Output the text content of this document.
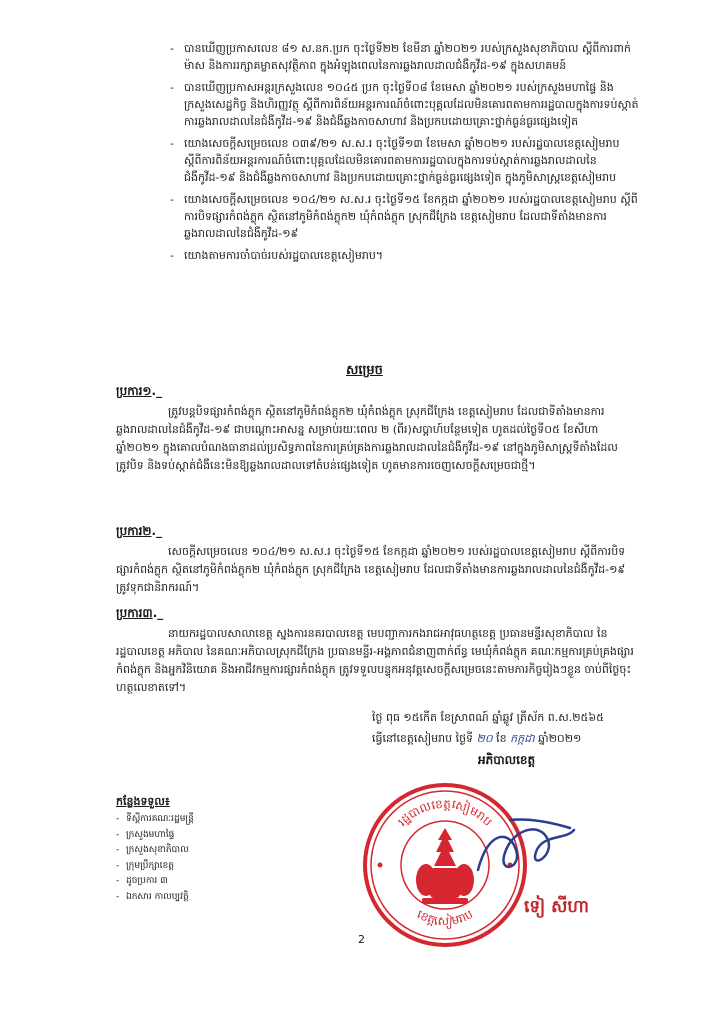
- បានឃើញប្រកាសលេខ ៨១ ស.នក.ប្រក ចុះថ្ងៃទី២២ ខែមីនា ឆ្នាំ២០២១ របស់ក្រសួងសុខាភិបាល ស្តីពីការពាក់ម៉ាស និងការរក្សាគម្លាតសុវត្ថិភាព ក្នុងអំឡុងពេលនៃការឆ្លងរាលដាលជំងឺកូវីដ-១៩ ក្នុងសហគមន៍
- បានឃើញប្រកាសអន្តរក្រសួងលេខ ១០៤៥ ប្រក ចុះថ្ងៃទី០៨ ខែមេសា ឆ្នាំ២០២១ របស់ក្រសួងមហាផ្ទៃ និងក្រសួងសេដ្ឋកិច្ច និងហិរញ្ញវត្ថុ ស្តីពីការពិន័យអន្តរការណ៍ចំពោះបុគ្គលដែលមិនគោរពតាមការរដ្ឋបាលក្នុងការទប់ស្កាត់ការឆ្លងរាលដាលនៃជំងឺកូវីដ-១៩ និងជំងឺឆ្លងកាចសាហាវ និងប្រកបដោយគ្រោះថ្នាក់ធ្ងន់ធ្ងរផ្សេងទៀត
- យោងសេចក្តីសម្រេចលេខ ០៣៩/២១ ស.ស.រ ចុះថ្ងៃទី១៣ ខែមេសា ឆ្នាំ២០២១ របស់រដ្ឋបាលខេត្តសៀមរាប ស្តីពីការពិន័យអន្តរការណ៍ចំពោះបុគ្គលដែលមិនគោរពតាមការរដ្ឋបាលក្នុងការទប់ស្កាត់ការឆ្លងរាលដាលនៃជំងឺកូវីដ-១៩ និងជំងឺឆ្លងកាចសាហាវ និងប្រកបដោយគ្រោះថ្នាក់ធ្ងន់ធ្ងរផ្សេងទៀត ក្នុងភូមិសាស្ត្រខេត្តសៀមរាប
- យោងសេចក្តីសម្រេចលេខ ១០៤/២១ ស.ស.រ ចុះថ្ងៃទី១៥ ខែកក្កដា ឆ្នាំ២០២១ របស់រដ្ឋបាលខេត្តសៀមរាប ស្តីពីការបិទផ្សារកំពង់ភ្លុក ស្ថិតនៅភូមិកំពង់ភ្លុក២ ឃុំកំពង់ភ្លុក ស្រុកជីក្រែង ខេត្តសៀមរាប ដែលជាទីតាំងមានការឆ្លងរាលដាលនៃជំងឺកូវីដ-១៩
- យោងតាមការចាំបាច់របស់រដ្ឋបាលខេត្តសៀមរាប។
សម្រេច
ប្រការ១._

ត្រូវបន្តបិទផ្សារកំពង់ភ្លុក ស្ថិតនៅភូមិកំពង់ភ្លុក២ ឃុំកំពង់ភ្លុក ស្រុកជីក្រែង ខេត្តសៀមរាប ដែលជាទីតាំងមានការឆ្លងរាលដាលនៃជំងឺកូវីដ-១៩ ជាបណ្ដោះអាសន្ន សម្រាប់រយៈពេល ២ (ពីរ)សប្តាហ៍បន្ថែមទៀត ហូតដល់ថ្ងៃទី០៥ ខែសីហា ឆ្នាំ២០២១ ក្នុងគោលបំណងធានាដល់ប្រសិទ្ធភាពនៃការគ្រប់គ្រងការឆ្លងរាលដាលនៃជំងឺកូវីដ-១៩ នៅក្នុងភូមិសាស្ត្រទីតាំងដែលត្រូវបិទ និងទប់ស្កាត់ជំងឺនេះមិនឱ្យឆ្លងរាលដាលទៅតំបន់ផ្សេងទៀត ហូតមានការចេញសេចក្តីសម្រេចជាថ្មី។

ប្រការ២._

សេចក្តីសម្រេចលេខ ១០៤/២១ ស.ស.រ ចុះថ្ងៃទី១៥ ខែកក្កដា ឆ្នាំ២០២១ របស់រដ្ឋបាលខេត្តសៀមរាប ស្តីពីការបិទផ្សារកំពង់ភ្លុក ស្ថិតនៅភូមិកំពង់ភ្លុក២ ឃុំកំពង់ភ្លុក ស្រុកជីក្រែង ខេត្តសៀមរាប ដែលជាទីតាំងមានការឆ្លងរាលដាលនៃជំងឺកូវីដ-១៩ ត្រូវទុកជានិរាករណ៍។

ប្រការ៣._

នាយករដ្ឋបាលសាលាខេត្ត ស្នងការនគរបាលខេត្ត មេបញ្ជាការកងរាជអាវុធហត្ថខេត្ត ប្រធានមន្ទីរសុខាភិបាល នៃរដ្ឋបាលខេត្ត អភិបាល នៃគណៈអភិបាលស្រុកជីក្រែង ប្រធានមន្ទីរ-អង្គភាពជំនាញពាក់ព័ន្ធ មេឃុំកំពង់ភ្លុក គណៈកម្មការគ្រប់គ្រងផ្សារកំពង់ភ្លុក និងអ្នកវិនិយោគ និងអាជីវកម្មការផ្សារកំពង់ភ្លុក ត្រូវទទួលបន្ទុកអនុវត្តសេចក្តីសម្រេចនេះតាមភារកិច្ចរៀងៗខ្លួន ចាប់ពីថ្ងៃចុះហត្ថលេខាតទៅ។

ថ្ងៃ ពុធ ១៥កើត ខែស្រាពណ៍ ឆ្នាំឆ្លូវ ត្រីស័ក ព.ស.២៥៦៥
ធ្វើនៅខេត្តសៀមរាប ថ្ងៃទី ២០ ខែ កក្កដា ឆ្នាំ២០២១
អភិបាលខេត្ត
កន្លែងទទួល៖
- ទីស្តីការគណៈរដ្ឋមន្ត្រី
- ក្រសួងមហាផ្ទៃ
- ក្រសួងសុខាភិបាល
- ក្រុមប្រឹក្សាខេត្ត
- ដូចប្រការ ៣
- ឯកសារ កាលប្បវត្តិ
រដ្ឋបាលខេត្តសៀមរាប
ខេត្តសៀមរាប	ទៀ សីហា
2
